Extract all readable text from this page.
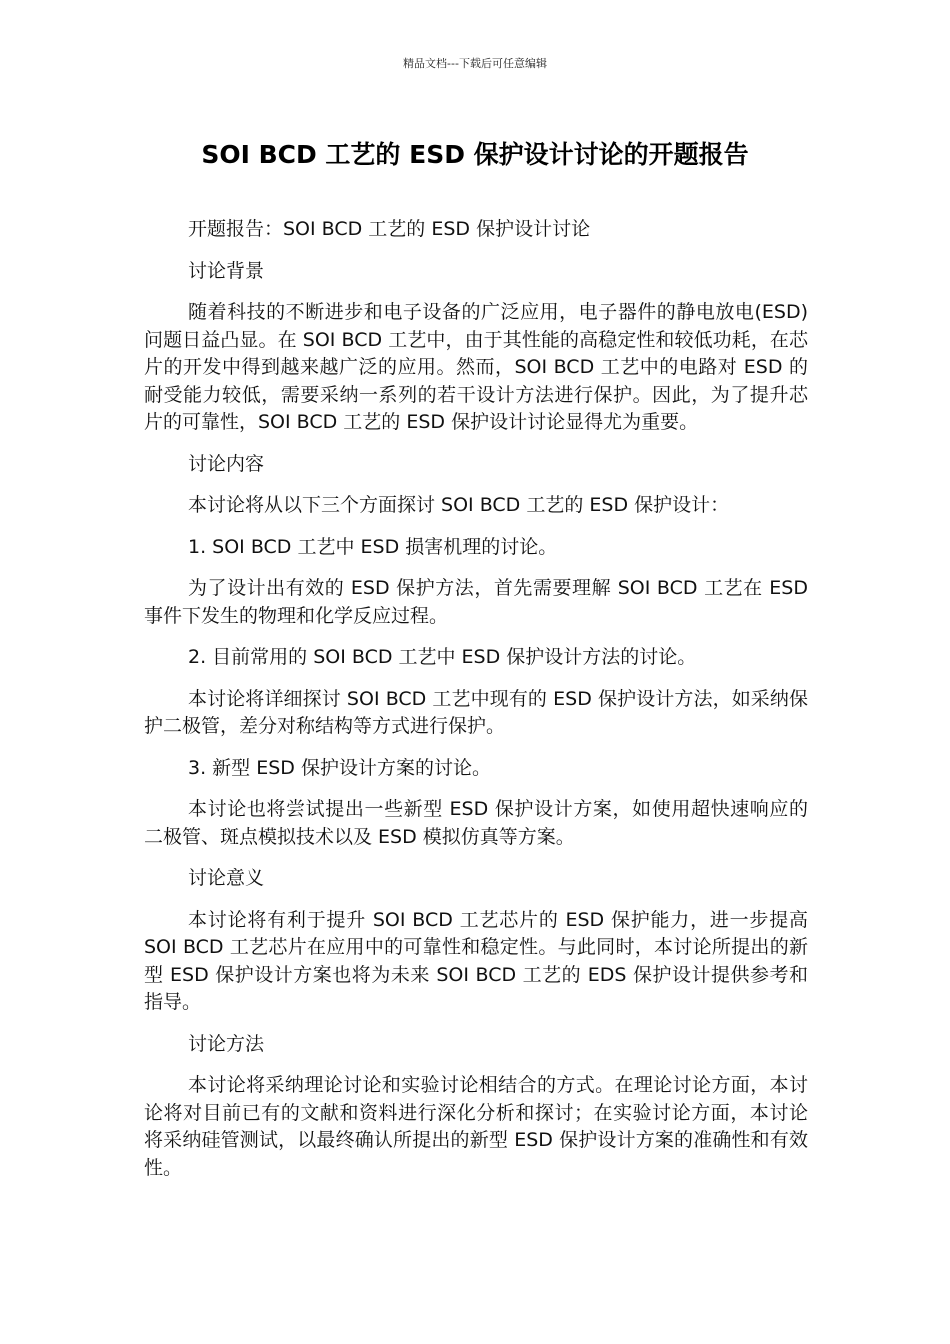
精品文档---下载后可任意编辑
SOI BCD 工艺的 ESD 保护设计讨论的开题报告

开题报告：SOI BCD 工艺的 ESD 保护设计讨论

讨论背景

随着科技的不断进步和电子设备的广泛应用，电子器件的静电放电(ESD)问题日益凸显。在 SOI BCD 工艺中，由于其性能的高稳定性和较低功耗，在芯片的开发中得到越来越广泛的应用。然而，SOI BCD 工艺中的电路对 ESD 的耐受能力较低，需要采纳一系列的若干设计方法进行保护。因此，为了提升芯片的可靠性，SOI BCD 工艺的 ESD 保护设计讨论显得尤为重要。

讨论内容

本讨论将从以下三个方面探讨 SOI BCD 工艺的 ESD 保护设计：

1. SOI BCD 工艺中 ESD 损害机理的讨论。

为了设计出有效的 ESD 保护方法，首先需要理解 SOI BCD 工艺在 ESD 事件下发生的物理和化学反应过程。

2. 目前常用的 SOI BCD 工艺中 ESD 保护设计方法的讨论。

本讨论将详细探讨 SOI BCD 工艺中现有的 ESD 保护设计方法，如采纳保护二极管，差分对称结构等方式进行保护。

3. 新型 ESD 保护设计方案的讨论。

本讨论也将尝试提出一些新型 ESD 保护设计方案，如使用超快速响应的二极管、斑点模拟技术以及 ESD 模拟仿真等方案。

讨论意义

本讨论将有利于提升 SOI BCD 工艺芯片的 ESD 保护能力，进一步提高 SOI BCD 工艺芯片在应用中的可靠性和稳定性。与此同时，本讨论所提出的新型 ESD 保护设计方案也将为未来 SOI BCD 工艺的 EDS 保护设计提供参考和指导。

讨论方法

本讨论将采纳理论讨论和实验讨论相结合的方式。在理论讨论方面，本讨论将对目前已有的文献和资料进行深化分析和探讨；在实验讨论方面，本讨论将采纳硅管测试，以最终确认所提出的新型 ESD 保护设计方案的准确性和有效性。
